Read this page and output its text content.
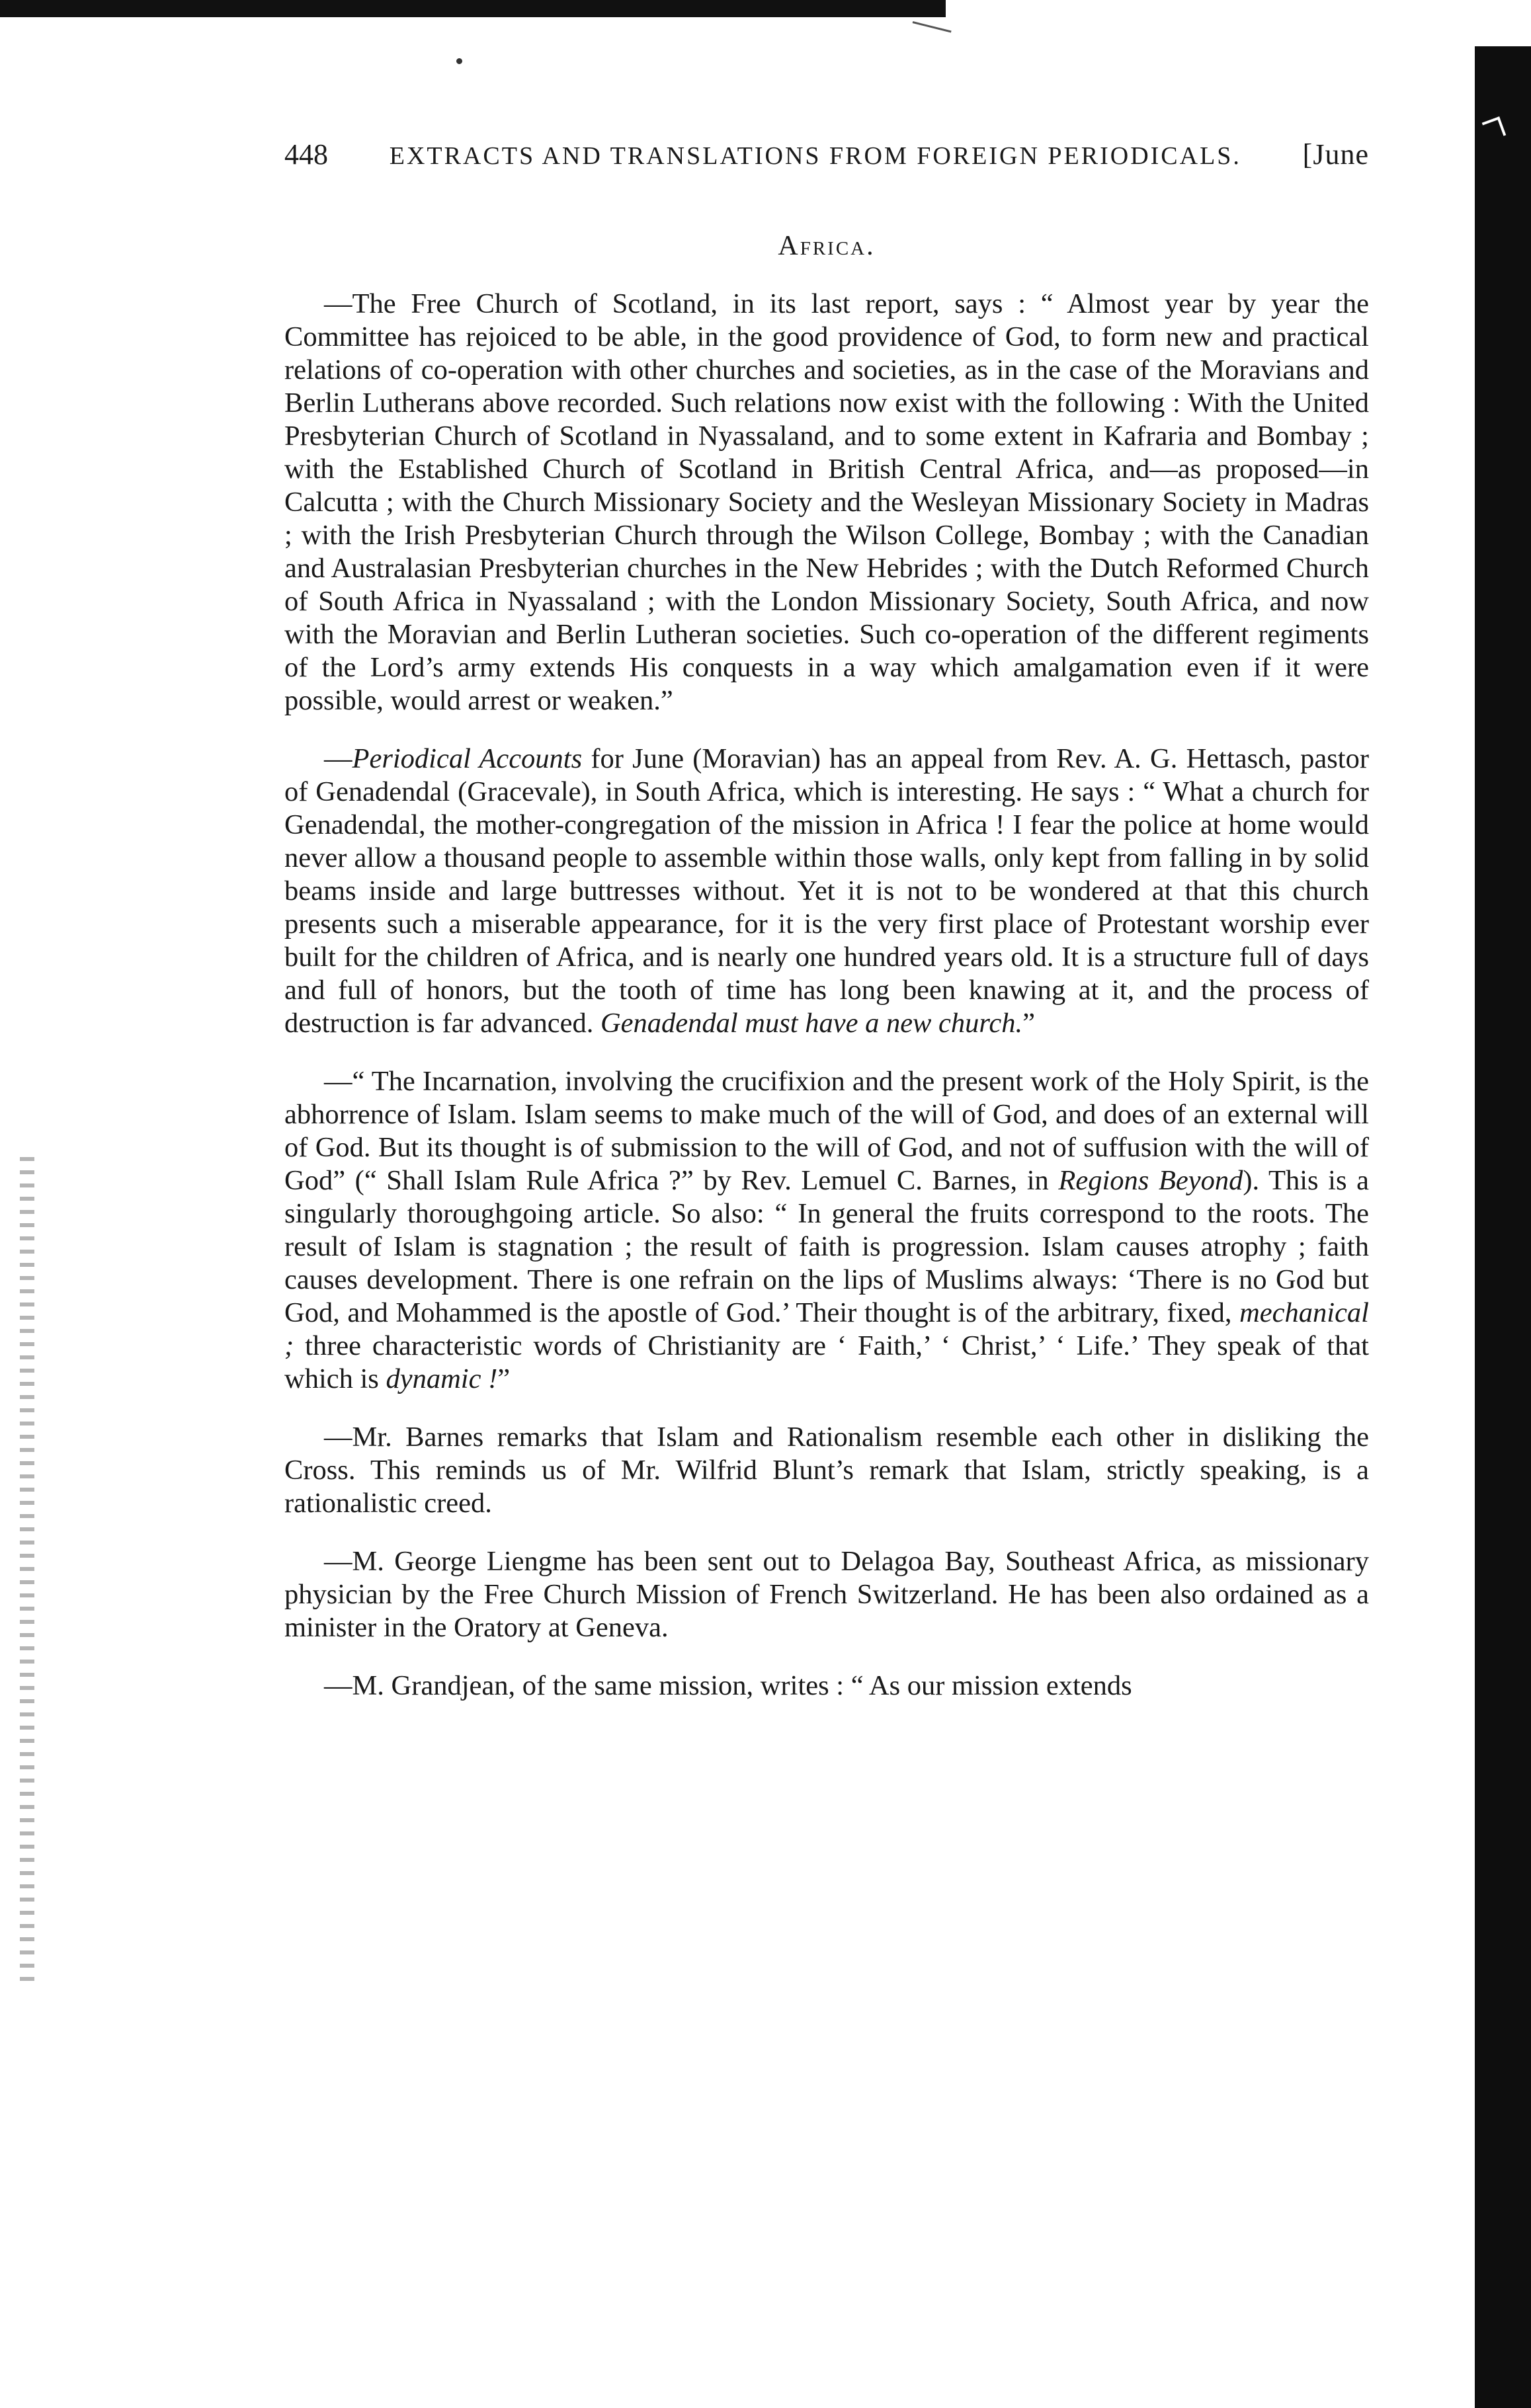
448 EXTRACTS AND TRANSLATIONS FROM FOREIGN PERIODICALS. [June
Africa.

—The Free Church of Scotland, in its last report, says : “ Almost year by year the Committee has rejoiced to be able, in the good providence of God, to form new and practical relations of co-operation with other churches and societies, as in the case of the Moravians and Berlin Lutherans above recorded. Such relations now exist with the following : With the United Presbyterian Church of Scotland in Nyassaland, and to some extent in Kafraria and Bombay ; with the Established Church of Scotland in British Central Africa, and—as proposed—in Calcutta ; with the Church Missionary Society and the Wesleyan Missionary Society in Madras ; with the Irish Presbyterian Church through the Wilson College, Bombay ; with the Canadian and Australasian Presbyterian churches in the New Hebrides ; with the Dutch Reformed Church of South Africa in Nyassaland ; with the London Missionary Society, South Africa, and now with the Moravian and Berlin Lutheran societies. Such co-operation of the different regiments of the Lord’s army extends His conquests in a way which amalgamation even if it were possible, would arrest or weaken.”

—Periodical Accounts for June (Moravian) has an appeal from Rev. A. G. Hettasch, pastor of Genadendal (Gracevale), in South Africa, which is interesting. He says : “ What a church for Genadendal, the mother-congregation of the mission in Africa ! I fear the police at home would never allow a thousand people to assemble within those walls, only kept from falling in by solid beams inside and large buttresses without. Yet it is not to be wondered at that this church presents such a miserable appearance, for it is the very first place of Protestant worship ever built for the children of Africa, and is nearly one hundred years old. It is a structure full of days and full of honors, but the tooth of time has long been knawing at it, and the process of destruction is far advanced. Genadendal must have a new church.”

—“ The Incarnation, involving the crucifixion and the present work of the Holy Spirit, is the abhorrence of Islam. Islam seems to make much of the will of God, and does of an external will of God. But its thought is of submission to the will of God, and not of suffusion with the will of God” (“ Shall Islam Rule Africa ?” by Rev. Lemuel C. Barnes, in Regions Beyond). This is a singularly thoroughgoing article. So also: “ In general the fruits correspond to the roots. The result of Islam is stagnation ; the result of faith is progression. Islam causes atrophy ; faith causes development. There is one refrain on the lips of Muslims always: ‘There is no God but God, and Mohammed is the apostle of God.’ Their thought is of the arbitrary, fixed, mechanical ; three characteristic words of Christianity are ‘ Faith,’ ‘ Christ,’ ‘ Life.’ They speak of that which is dynamic !”

—Mr. Barnes remarks that Islam and Rationalism resemble each other in disliking the Cross. This reminds us of Mr. Wilfrid Blunt’s remark that Islam, strictly speaking, is a rationalistic creed.

—M. George Liengme has been sent out to Delagoa Bay, Southeast Africa, as missionary physician by the Free Church Mission of French Switzerland. He has been also ordained as a minister in the Oratory at Geneva.

—M. Grandjean, of the same mission, writes : “ As our mission extends
